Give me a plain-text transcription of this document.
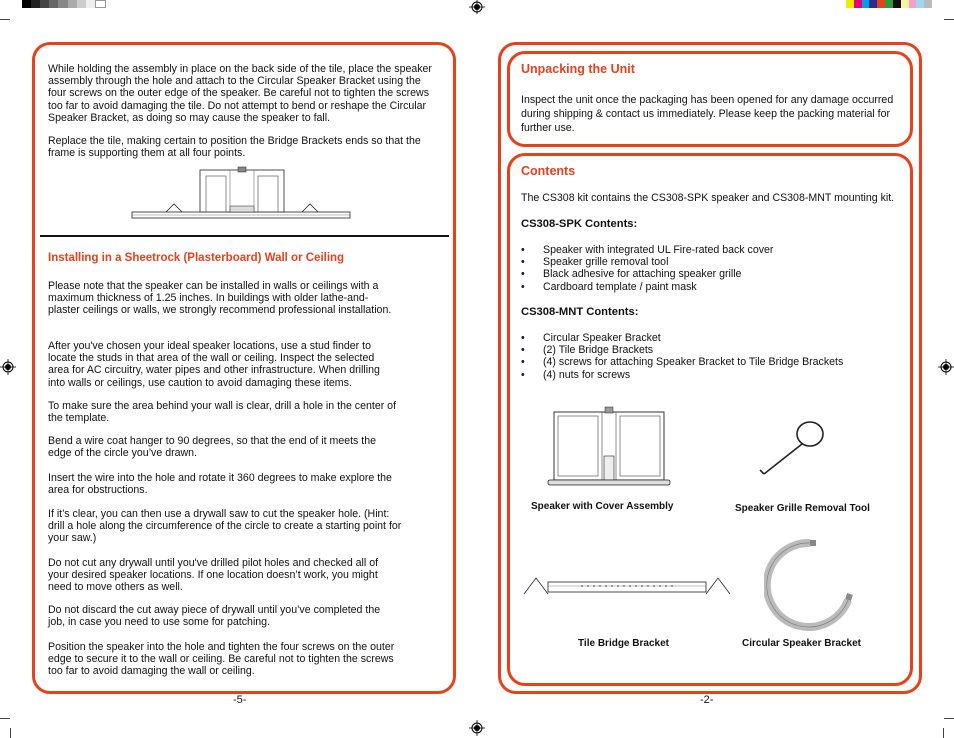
While holding the assembly in place on the back side of the tile, place the speaker assembly through the hole and attach to the Circular Speaker Bracket using the four screws on the outer edge of the speaker. Be careful not to tighten the screws too far to avoid damaging the tile. Do not attempt to bend or reshape the Circular Speaker Bracket, as doing so may cause the speaker to fall.

Replace the tile, making certain to position the Bridge Brackets ends so that the frame is supporting them at all four points.

Installing in a Sheetrock (Plasterboard) Wall or Ceiling

Please note that the speaker can be installed in walls or ceilings with a maximum thickness of 1.25 inches. In buildings with older lathe-and-plaster ceilings or walls, we strongly recommend professional installation.

After you've chosen your ideal speaker locations, use a stud finder to locate the studs in that area of the wall or ceiling. Inspect the selected area for AC circuitry, water pipes and other infrastructure. When drilling into walls or ceilings, use caution to avoid damaging these items.

To make sure the area behind your wall is clear, drill a hole in the center of the template.

Bend a wire coat hanger to 90 degrees, so that the end of it meets the edge of the circle you’ve drawn.

Insert the wire into the hole and rotate it 360 degrees to make explore the area for obstructions.

If it’s clear, you can then use a drywall saw to cut the speaker hole. (Hint: drill a hole along the circumference of the circle to create a starting point for your saw.)

Do not cut any drywall until you've drilled pilot holes and checked all of your desired speaker locations. If one location doesn’t work, you might need to move others as well.

Do not discard the cut away piece of drywall until you’ve completed the job, in case you need to use some for patching.

Position the speaker into the hole and tighten the four screws on the outer edge to secure it to the wall or ceiling. Be careful not to tighten the screws too far to avoid damaging the wall or ceiling.

-5-
Unpacking the Unit

Inspect the unit once the packaging has been opened for any damage occurred during shipping & contact us immediately. Please keep the packing material for further use.

Contents

The CS308 kit contains the CS308-SPK speaker and CS308-MNT mounting kit.

CS308-SPK Contents:
• Speaker with integrated UL Fire-rated back cover
• Speaker grille removal tool
• Black adhesive for attaching speaker grille
• Cardboard template / paint mask
CS308-MNT Contents:
• Circular Speaker Bracket
• (2) Tile Bridge Brackets
• (4) screws for attaching Speaker Bracket to Tile Bridge Brackets
• (4) nuts for screws
Speaker with Cover Assembly	Speaker Grille Removal Tool
Tile Bridge Bracket	Circular Speaker Bracket
-2-
